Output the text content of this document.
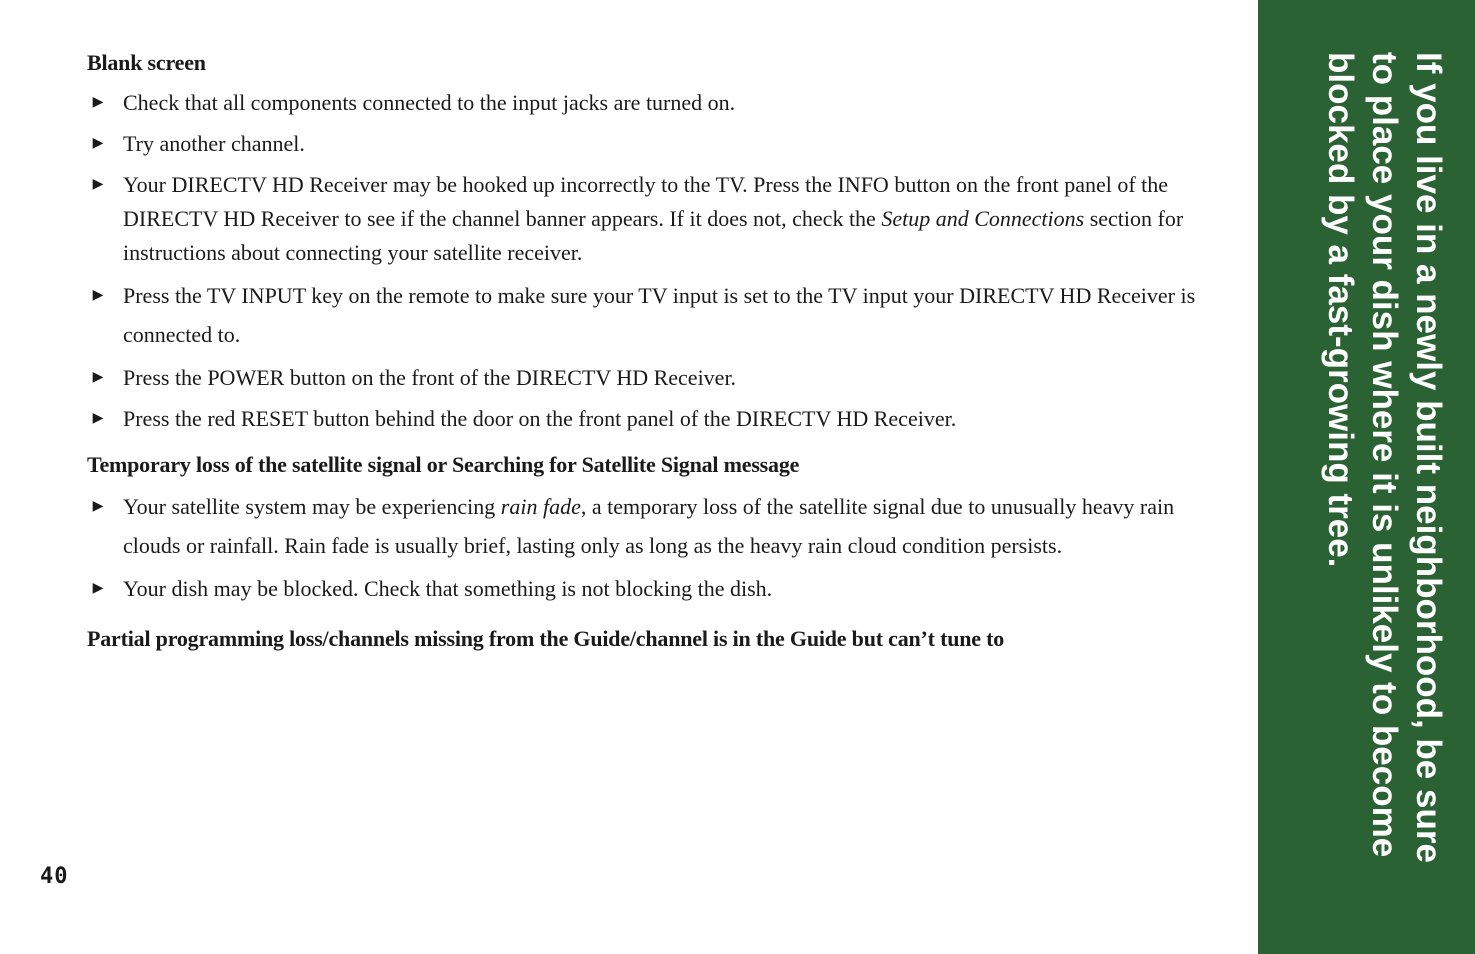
Blank screen
▶ Check that all components connected to the input jacks are turned on.
▶ Try another channel.
▶ Your DIRECTV HD Receiver may be hooked up incorrectly to the TV. Press the INFO button on the front panel of the DIRECTV HD Receiver to see if the channel banner appears. If it does not, check the Setup and Connections section for instructions about connecting your satellite receiver.
▶ Press the TV INPUT key on the remote to make sure your TV input is set to the TV input your DIRECTV HD Receiver is connected to.
▶ Press the POWER button on the front of the DIRECTV HD Receiver.
▶ Press the red RESET button behind the door on the front panel of the DIRECTV HD Receiver.
Temporary loss of the satellite signal or Searching for Satellite Signal message
▶ Your satellite system may be experiencing rain fade, a temporary loss of the satellite signal due to unusually heavy rain clouds or rainfall. Rain fade is usually brief, lasting only as long as the heavy rain cloud condition persists.
▶ Your dish may be blocked. Check that something is not blocking the dish.
Partial programming loss/channels missing from the Guide/channel is in the Guide but can’t tune to
40
If you live in a newly built neighborhood, be sure
to place your dish where it is unlikely to become
blocked by a fast-growing tree.
